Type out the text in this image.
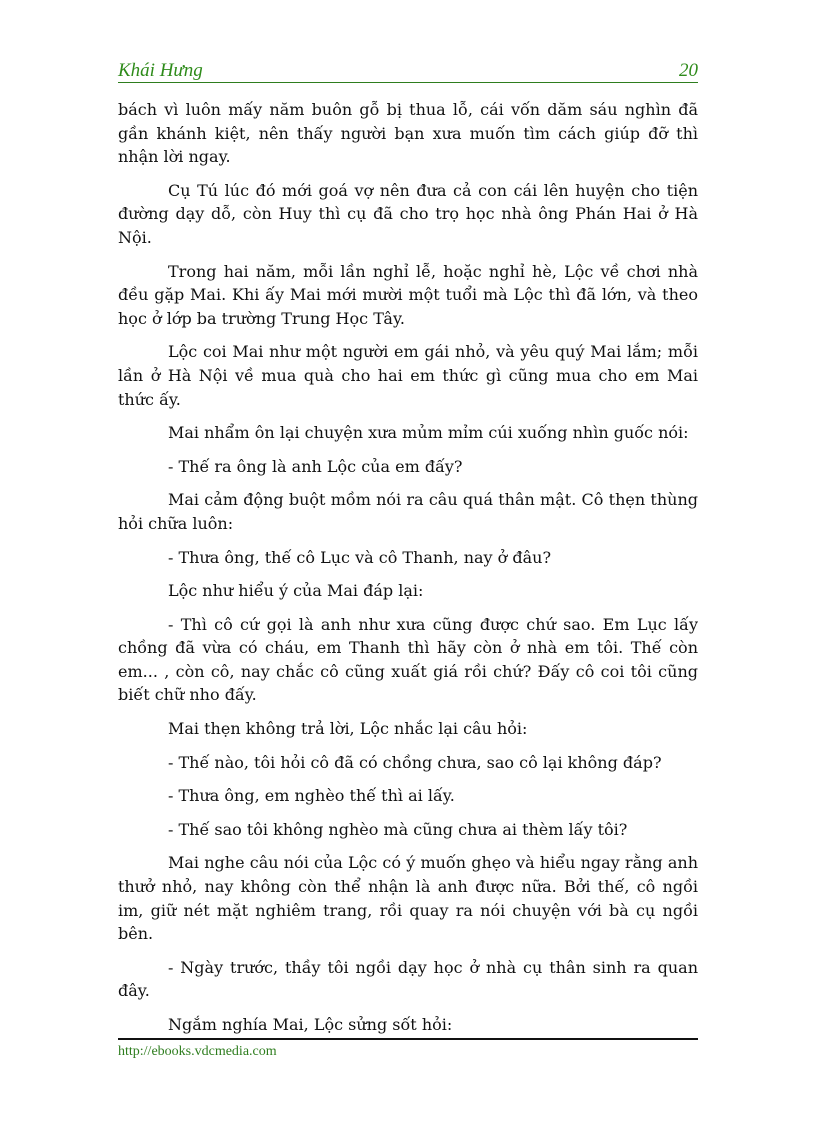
Khái Hưng	20

bách vì luôn mấy năm buôn gỗ bị thua lỗ, cái vốn dăm sáu nghìn đã gần khánh kiệt, nên thấy người bạn xưa muốn tìm cách giúp đỡ thì nhận lời ngay.

Cụ Tú lúc đó mới goá vợ nên đưa cả con cái lên huyện cho tiện đường dạy dỗ, còn Huy thì cụ đã cho trọ học nhà ông Phán Hai ở Hà Nội.

Trong hai năm, mỗi lần nghỉ lễ, hoặc nghỉ hè, Lộc về chơi nhà đều gặp Mai. Khi ấy Mai mới mười một tuổi mà Lộc thì đã lớn, và theo học ở lớp ba trường Trung Học Tây.

Lộc coi Mai như một người em gái nhỏ, và yêu quý Mai lắm; mỗi lần ở Hà Nội về mua quà cho hai em thức gì cũng mua cho em Mai thức ấy.

Mai nhẩm ôn lại chuyện xưa mủm mỉm cúi xuống nhìn guốc nói:

- Thế ra ông là anh Lộc của em đấy?

Mai cảm động buột mồm nói ra câu quá thân mật. Cô thẹn thùng hỏi chữa luôn:

- Thưa ông, thế cô Lục và cô Thanh, nay ở đâu?

Lộc như hiểu ý của Mai đáp lại:

- Thì cô cứ gọi là anh như xưa cũng được chứ sao. Em Lục lấy chồng đã vừa có cháu, em Thanh thì hãy còn ở nhà em tôi. Thế còn em... , còn cô, nay chắc cô cũng xuất giá rồi chứ? Đấy cô coi tôi cũng biết chữ nho đấy.

Mai thẹn không trả lời, Lộc nhắc lại câu hỏi:

- Thế nào, tôi hỏi cô đã có chồng chưa, sao cô lại không đáp?

- Thưa ông, em nghèo thế thì ai lấy.

- Thế sao tôi không nghèo mà cũng chưa ai thèm lấy tôi?

Mai nghe câu nói của Lộc có ý muốn ghẹo và hiểu ngay rằng anh thưở nhỏ, nay không còn thể nhận là anh được nữa. Bởi thế, cô ngồi im, giữ nét mặt nghiêm trang, rồi quay ra nói chuyện với bà cụ ngồi bên.

- Ngày trước, thầy tôi ngồi dạy học ở nhà cụ thân sinh ra quan đây.

Ngắm nghía Mai, Lộc sửng sốt hỏi:

http://ebooks.vdcmedia.com
